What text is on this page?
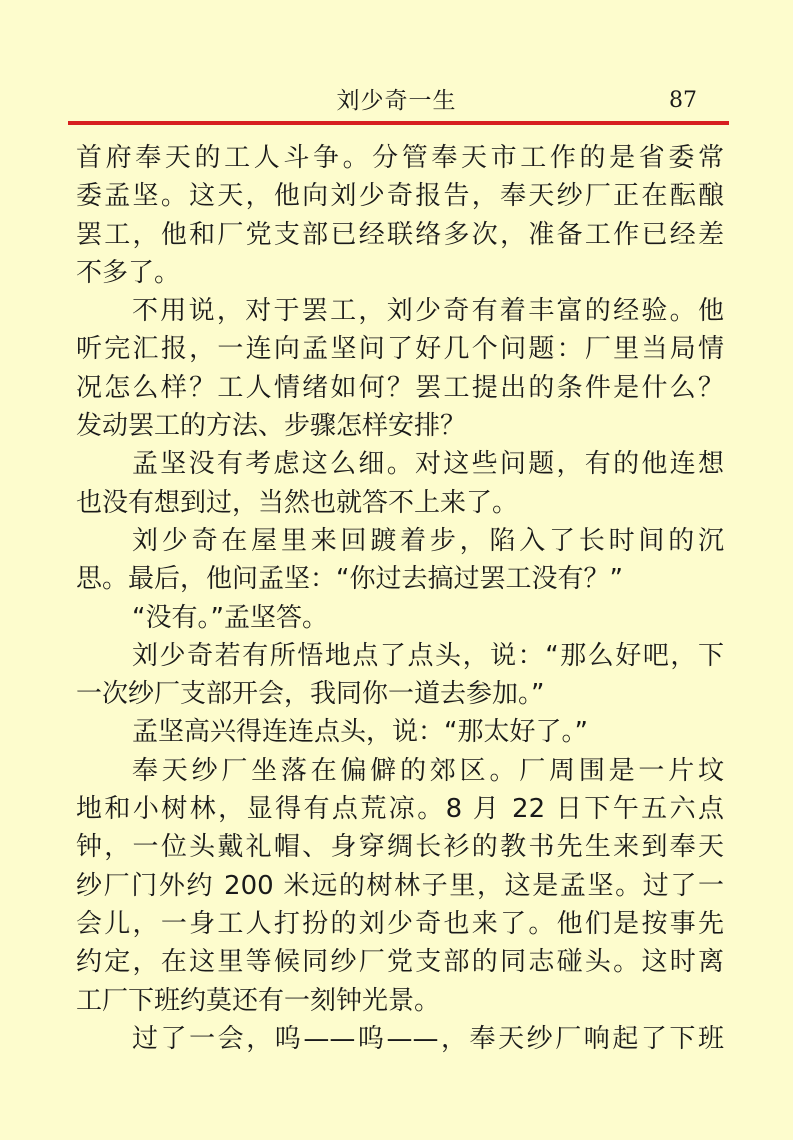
刘少奇一生	87
首府奉天的工人斗争。分管奉天市工作的是省委常
委孟坚。这天，他向刘少奇报告，奉天纱厂正在酝酿
罢工，他和厂党支部已经联络多次，准备工作已经差
不多了。
不用说，对于罢工，刘少奇有着丰富的经验。他
听完汇报，一连向孟坚问了好几个问题：厂里当局情
况怎么样？工人情绪如何？罢工提出的条件是什么？
发动罢工的方法、步骤怎样安排？
孟坚没有考虑这么细。对这些问题，有的他连想
也没有想到过，当然也就答不上来了。
刘少奇在屋里来回踱着步，陷入了长时间的沉
思。最后，他问孟坚：“你过去搞过罢工没有？”
“没有。”孟坚答。
刘少奇若有所悟地点了点头，说：“那么好吧，下
一次纱厂支部开会，我同你一道去参加。”
孟坚高兴得连连点头，说：“那太好了。”
奉天纱厂坐落在偏僻的郊区。厂周围是一片坟
地和小树林，显得有点荒凉。8 月 22 日下午五六点
钟，一位头戴礼帽、身穿绸长衫的教书先生来到奉天
纱厂门外约 200 米远的树林子里，这是孟坚。过了一
会儿，一身工人打扮的刘少奇也来了。他们是按事先
约定，在这里等候同纱厂党支部的同志碰头。这时离
工厂下班约莫还有一刻钟光景。
过了一会，呜——呜——，奉天纱厂响起了下班
